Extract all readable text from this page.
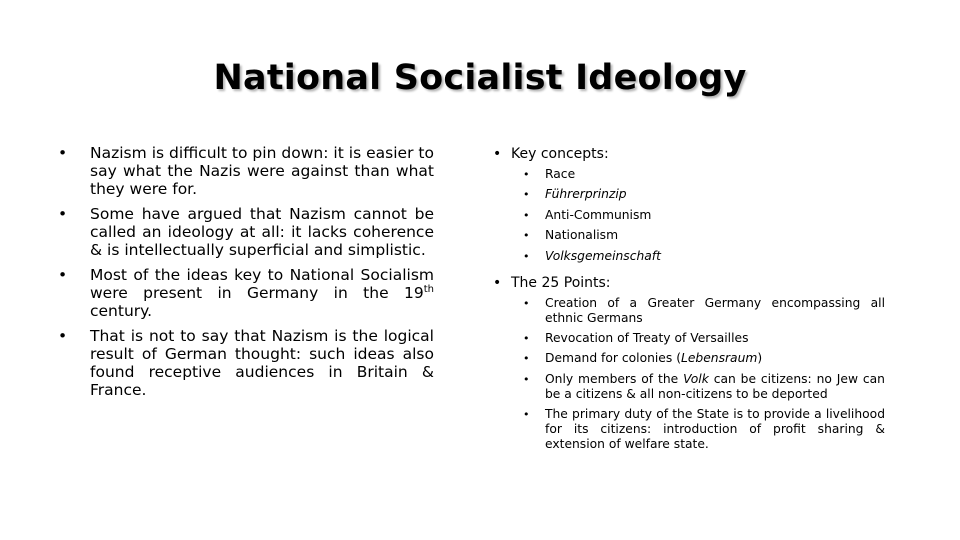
National Socialist Ideology
• Nazism is difficult to pin down: it is easier to say what the Nazis were against than what they were for.
• Some have argued that Nazism cannot be called an ideology at all: it lacks coherence & is intellectually superficial and simplistic.
• Most of the ideas key to National Socialism were present in Germany in the 19th century.
• That is not to say that Nazism is the logical result of German thought: such ideas also found receptive audiences in Britain & France.
• Key concepts:
• Race
• Führerprinzip
• Anti-Communism
• Nationalism
• Volksgemeinschaft
• The 25 Points:
• Creation of a Greater Germany encompassing all ethnic Germans
• Revocation of Treaty of Versailles
• Demand for colonies (Lebensraum)
• Only members of the Volk can be citizens: no Jew can be a citizens & all non-citizens to be deported
• The primary duty of the State is to provide a livelihood for its citizens: introduction of profit sharing & extension of welfare state.
